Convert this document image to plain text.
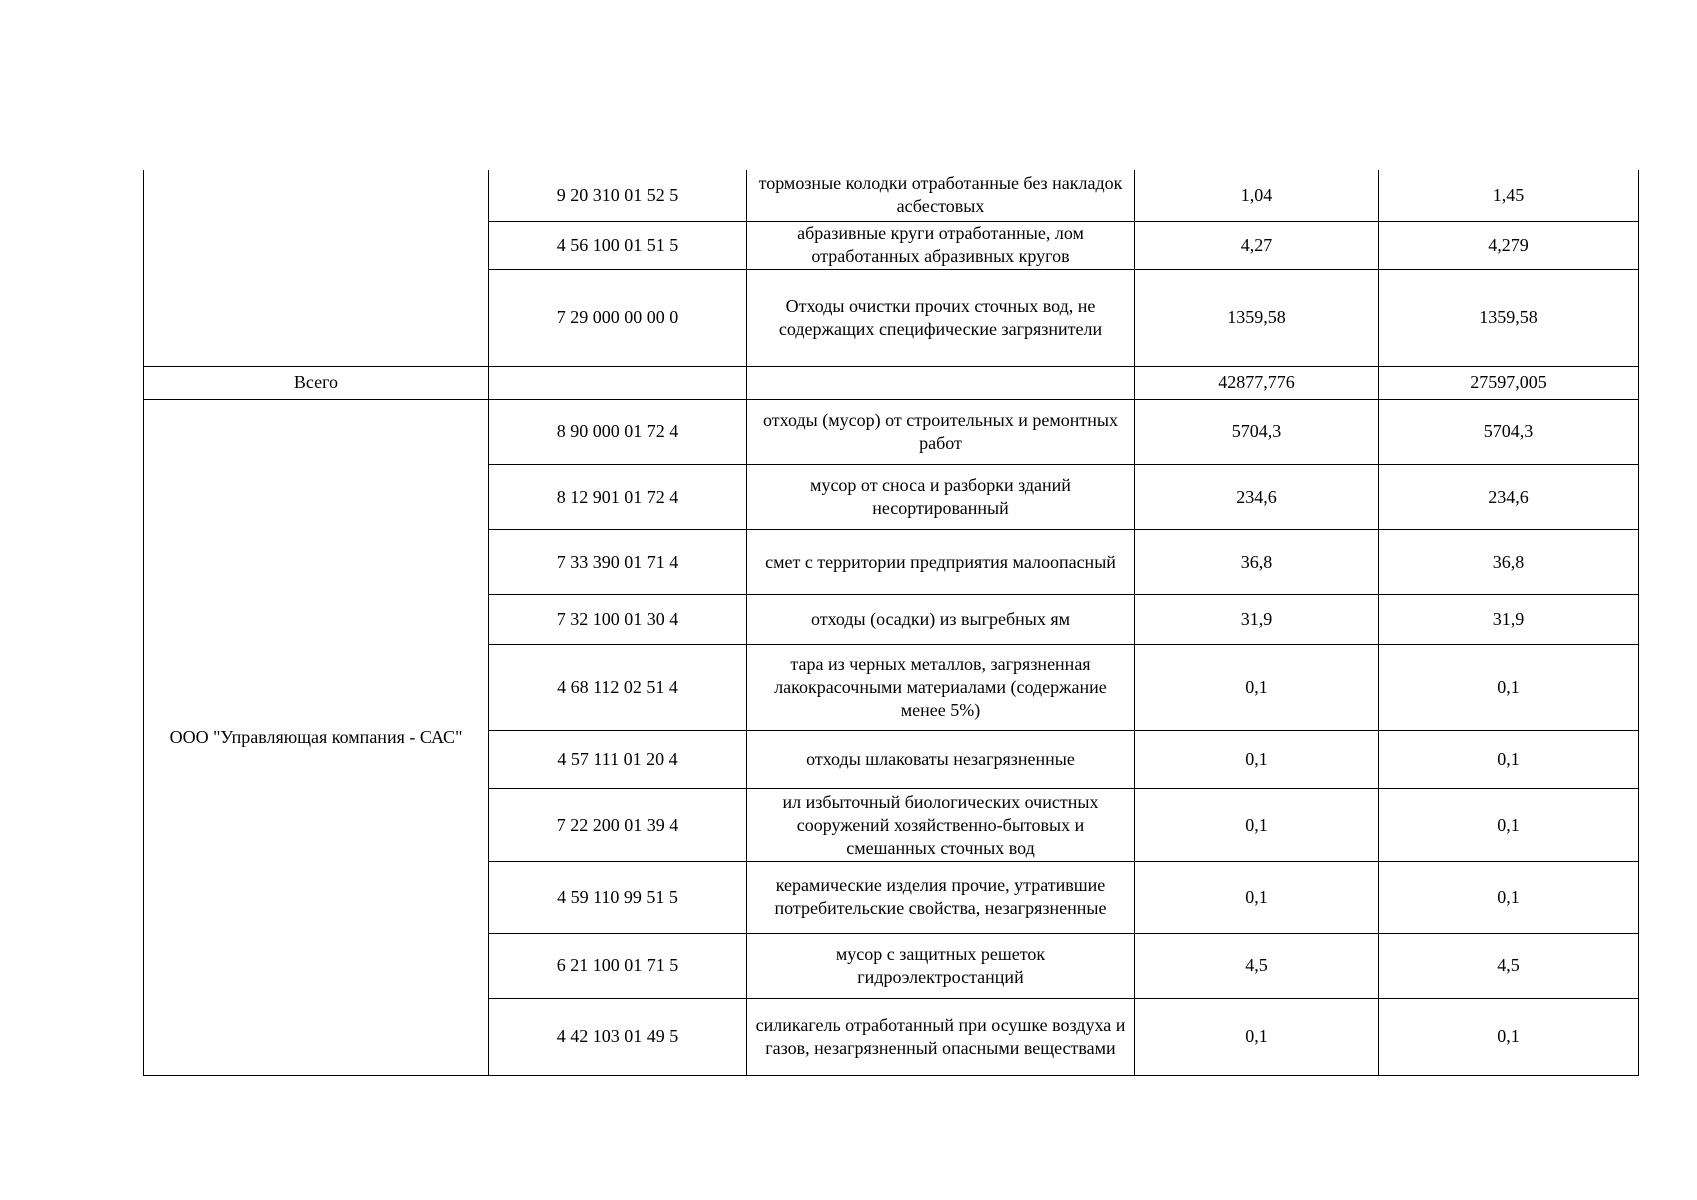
	9 20 310 01 52 5	тормозные колодки отработанные без накладок асбестовых	1,04	1,45
	4 56 100 01 51 5	абразивные круги отработанные, лом отработанных абразивных кругов	4,27	4,279
	7 29 000 00 00 0	Отходы очистки прочих сточных вод, не содержащих специфические загрязнители	1359,58	1359,58
Всего			42877,776	27597,005
ООО "Управляющая компания - САС"	8 90 000 01 72 4	отходы (мусор) от строительных и ремонтных работ	5704,3	5704,3
	8 12 901 01 72 4	мусор от сноса и разборки зданий несортированный	234,6	234,6
	7 33 390 01 71 4	смет с территории предприятия малоопасный	36,8	36,8
	7 32 100 01 30 4	отходы (осадки) из выгребных ям	31,9	31,9
	4 68 112 02 51 4	тара из черных металлов, загрязненная лакокрасочными материалами (содержание менее 5%)	0,1	0,1
	4 57 111 01 20 4	отходы шлаковаты незагрязненные	0,1	0,1
	7 22 200 01 39 4	ил избыточный биологических очистных сооружений хозяйственно-бытовых и смешанных сточных вод	0,1	0,1
	4 59 110 99 51 5	керамические изделия прочие, утратившие потребительские свойства, незагрязненные	0,1	0,1
	6 21 100 01 71 5	мусор с защитных решеток гидроэлектростанций	4,5	4,5
	4 42 103 01 49 5	силикагель отработанный при осушке воздуха и газов, незагрязненный опасными веществами	0,1	0,1
